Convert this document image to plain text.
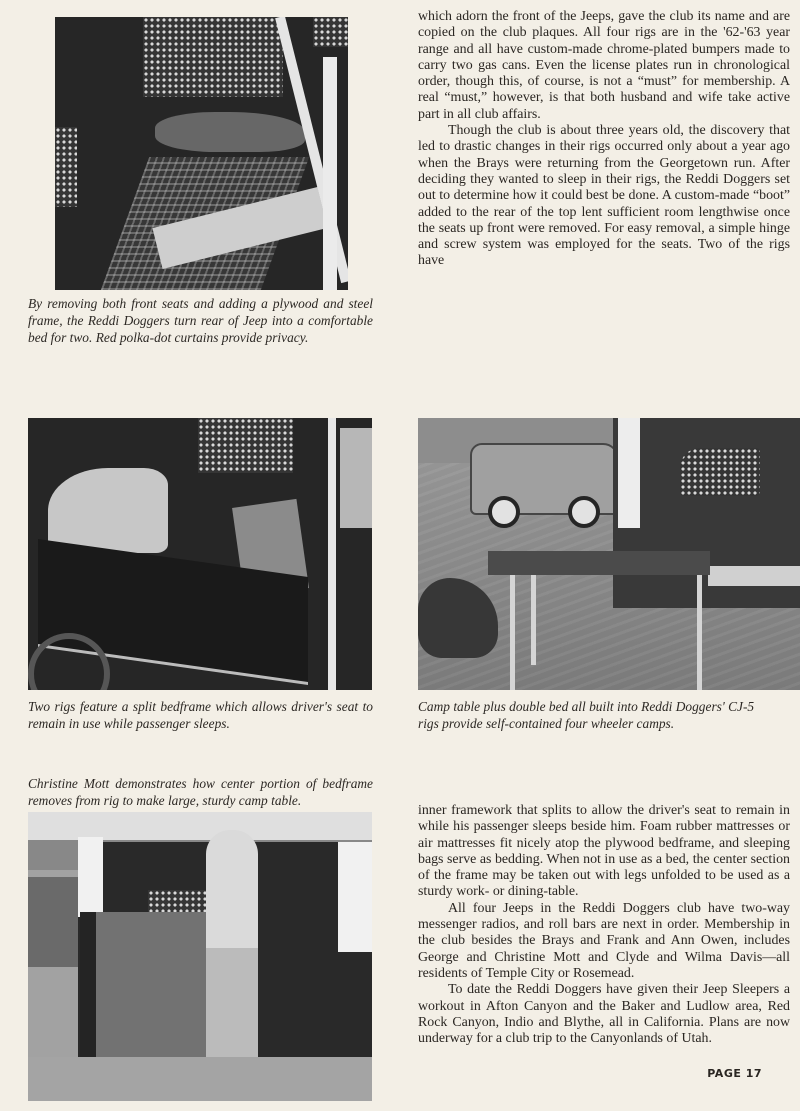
By removing both front seats and adding a plywood and steel frame, the Reddi Doggers turn rear of Jeep into a comfortable bed for two. Red polka-dot curtains provide privacy.

which adorn the front of the Jeeps, gave the club its name and are copied on the club plaques. All four rigs are in the '62-'63 year range and all have custom-made chrome-plated bumpers made to carry two gas cans. Even the license plates run in chronological order, though this, of course, is not a “must” for membership. A real “must,” however, is that both husband and wife take active part in all club affairs.

Though the club is about three years old, the discovery that led to drastic changes in their rigs occurred only about a year ago when the Brays were returning from the Georgetown run. After deciding they wanted to sleep in their rigs, the Reddi Doggers set out to determine how it could best be done. A custom-made “boot” added to the rear of the top lent sufficient room lengthwise once the seats up front were removed. For easy removal, a simple hinge and screw system was employed for the seats. Two of the rigs have

Two rigs feature a split bedframe which allows driver's seat to remain in use while passenger sleeps.
Camp table plus double bed all built into Reddi Doggers' CJ-5 rigs provide self-contained four wheeler camps.
Christine Mott demonstrates how center portion of bedframe removes from rig to make large, sturdy camp table.

inner framework that splits to allow the driver's seat to remain in while his passenger sleeps beside him. Foam rubber mattresses or air mattresses fit nicely atop the plywood bedframe, and sleeping bags serve as bedding. When not in use as a bed, the center section of the frame may be taken out with legs unfolded to be used as a sturdy work- or dining-table.

All four Jeeps in the Reddi Doggers club have two-way messenger radios, and roll bars are next in order. Membership in the club besides the Brays and Frank and Ann Owen, includes George and Christine Mott and Clyde and Wilma Davis—all residents of Temple City or Rosemead.

To date the Reddi Doggers have given their Jeep Sleepers a workout in Afton Canyon and the Baker and Ludlow area, Red Rock Canyon, Indio and Blythe, all in California. Plans are now underway for a club trip to the Canyonlands of Utah.

PAGE 17
